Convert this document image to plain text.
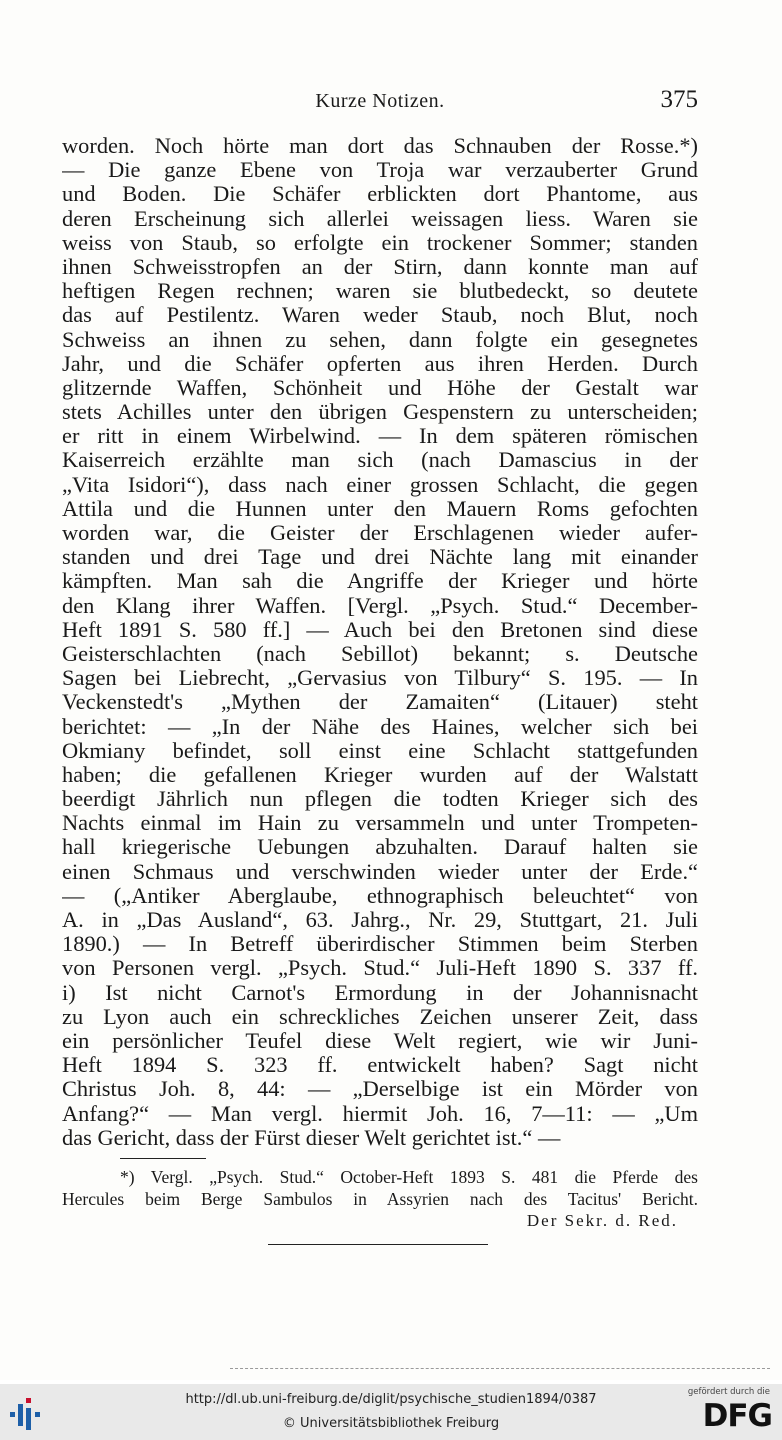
Kurze Notizen.	375
worden. Noch hörte man dort das Schnauben der Rosse.*)
— Die ganze Ebene von Troja war verzauberter Grund
und Boden. Die Schäfer erblickten dort Phantome, aus
deren Erscheinung sich allerlei weissagen liess. Waren sie
weiss von Staub, so erfolgte ein trockener Sommer; standen
ihnen Schweisstropfen an der Stirn, dann konnte man auf
heftigen Regen rechnen; waren sie blutbedeckt, so deutete
das auf Pestilentz. Waren weder Staub, noch Blut, noch
Schweiss an ihnen zu sehen, dann folgte ein gesegnetes
Jahr, und die Schäfer opferten aus ihren Herden. Durch
glitzernde Waffen, Schönheit und Höhe der Gestalt war
stets Achilles unter den übrigen Gespenstern zu unterscheiden;
er ritt in einem Wirbelwind. — In dem späteren römischen
Kaiserreich erzählte man sich (nach Damascius in der
„Vita Isidori“), dass nach einer grossen Schlacht, die gegen
Attila und die Hunnen unter den Mauern Roms gefochten
worden war, die Geister der Erschlagenen wieder aufer-
standen und drei Tage und drei Nächte lang mit einander
kämpften. Man sah die Angriffe der Krieger und hörte
den Klang ihrer Waffen. [Vergl. „Psych. Stud.“ December-
Heft 1891 S. 580 ff.] — Auch bei den Bretonen sind diese
Geisterschlachten (nach Sebillot) bekannt; s. Deutsche
Sagen bei Liebrecht, „Gervasius von Tilbury“ S. 195. — In
Veckenstedt's „Mythen der Zamaiten“ (Litauer) steht
berichtet: — „In der Nähe des Haines, welcher sich bei
Okmiany befindet, soll einst eine Schlacht stattgefunden
haben; die gefallenen Krieger wurden auf der Walstatt
beerdigt Jährlich nun pflegen die todten Krieger sich des
Nachts einmal im Hain zu versammeln und unter Trompeten-
hall kriegerische Uebungen abzuhalten. Darauf halten sie
einen Schmaus und verschwinden wieder unter der Erde.“
— („Antiker Aberglaube, ethnographisch beleuchtet“ von
A. in „Das Ausland“, 63. Jahrg., Nr. 29, Stuttgart, 21. Juli
1890.) — In Betreff überirdischer Stimmen beim Sterben
von Personen vergl. „Psych. Stud.“ Juli-Heft 1890 S. 337 ff.
i) Ist nicht Carnot's Ermordung in der Johannisnacht
zu Lyon auch ein schreckliches Zeichen unserer Zeit, dass
ein persönlicher Teufel diese Welt regiert, wie wir Juni-
Heft 1894 S. 323 ff. entwickelt haben? Sagt nicht
Christus Joh. 8, 44: — „Derselbige ist ein Mörder von
Anfang?“ — Man vergl. hiermit Joh. 16, 7—11: — „Um
das Gericht, dass der Fürst dieser Welt gerichtet ist.“ —
*) Vergl. „Psych. Stud.“ October-Heft 1893 S. 481 die Pferde des
Hercules beim Berge Sambulos in Assyrien nach des Tacitus' Bericht.
Der Sekr. d. Red.
http://dl.ub.uni-freiburg.de/diglit/psychische_studien1894/0387
© Universitätsbibliothek Freiburg
gefördert durch die
DFG
